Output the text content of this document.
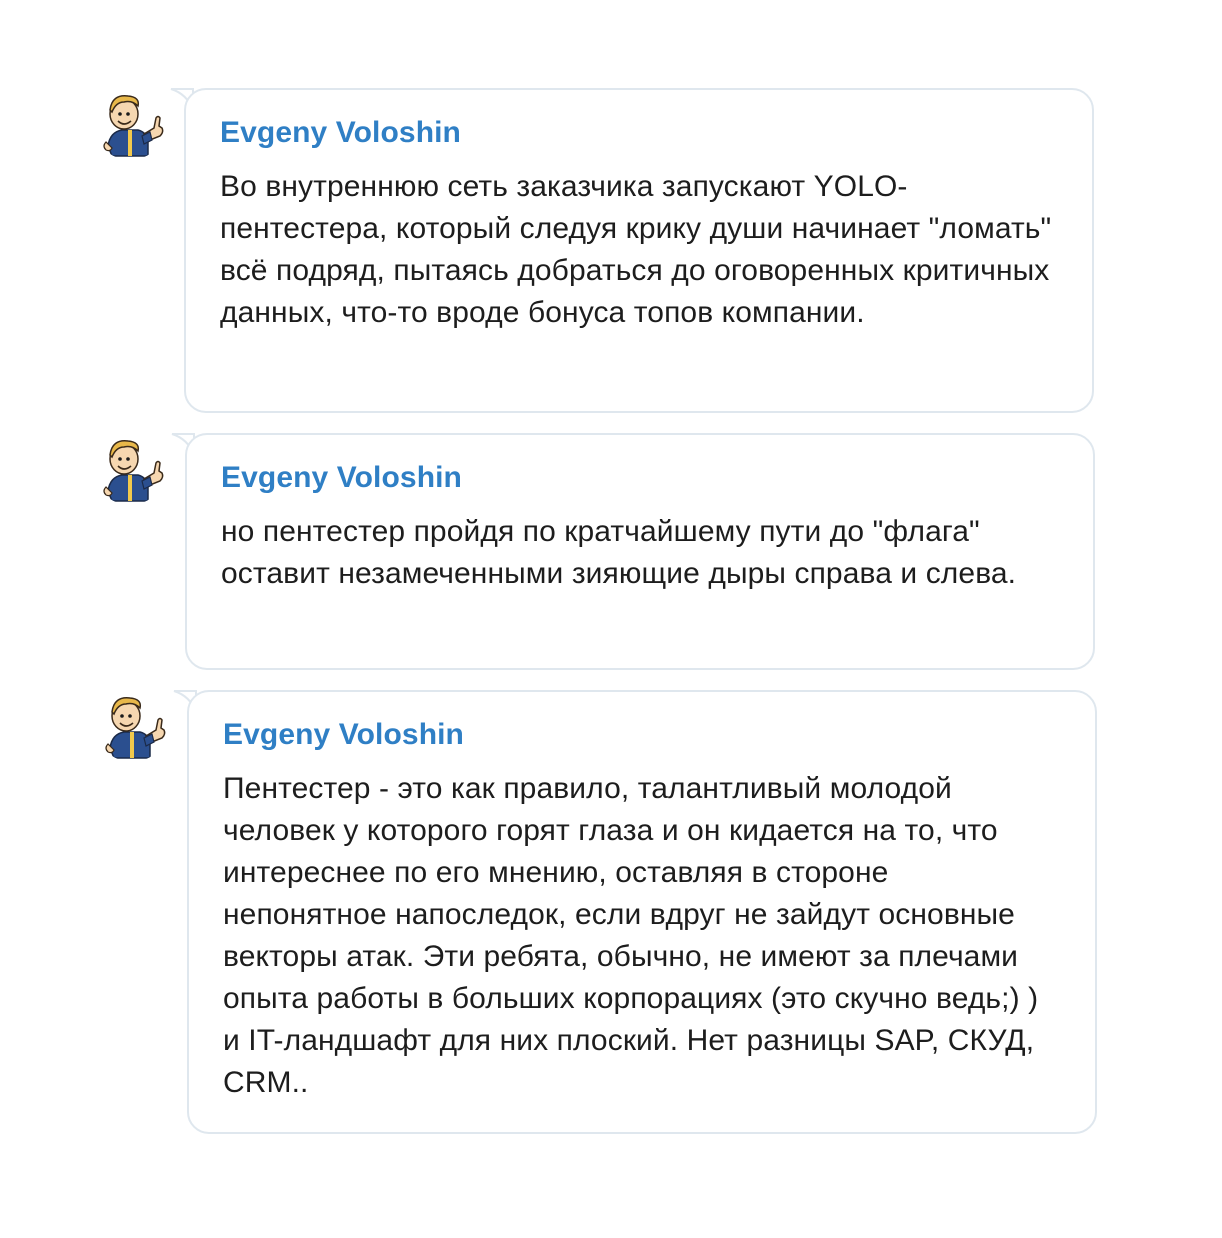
Evgeny Voloshin
Во внутреннюю сеть заказчика запускают YOLO-пентестера, который следуя крику души начинает "ломать" всё подряд, пытаясь добраться до оговоренных критичных данных, что-то вроде бонуса топов компании.
Evgeny Voloshin
но пентестер пройдя по кратчайшему пути до "флага" оставит незамеченными зияющие дыры справа и слева.
Evgeny Voloshin
Пентестер - это как правило, талантливый молодой человек у которого горят глаза и он кидается на то, что интереснее по его мнению, оставляя в стороне непонятное напоследок, если вдруг не зайдут основные векторы атак. Эти ребята, обычно, не имеют за плечами опыта работы в больших корпорациях (это скучно ведь;) ) и IT-ландшафт для них плоский. Нет разницы SAP, СКУД, CRM..
